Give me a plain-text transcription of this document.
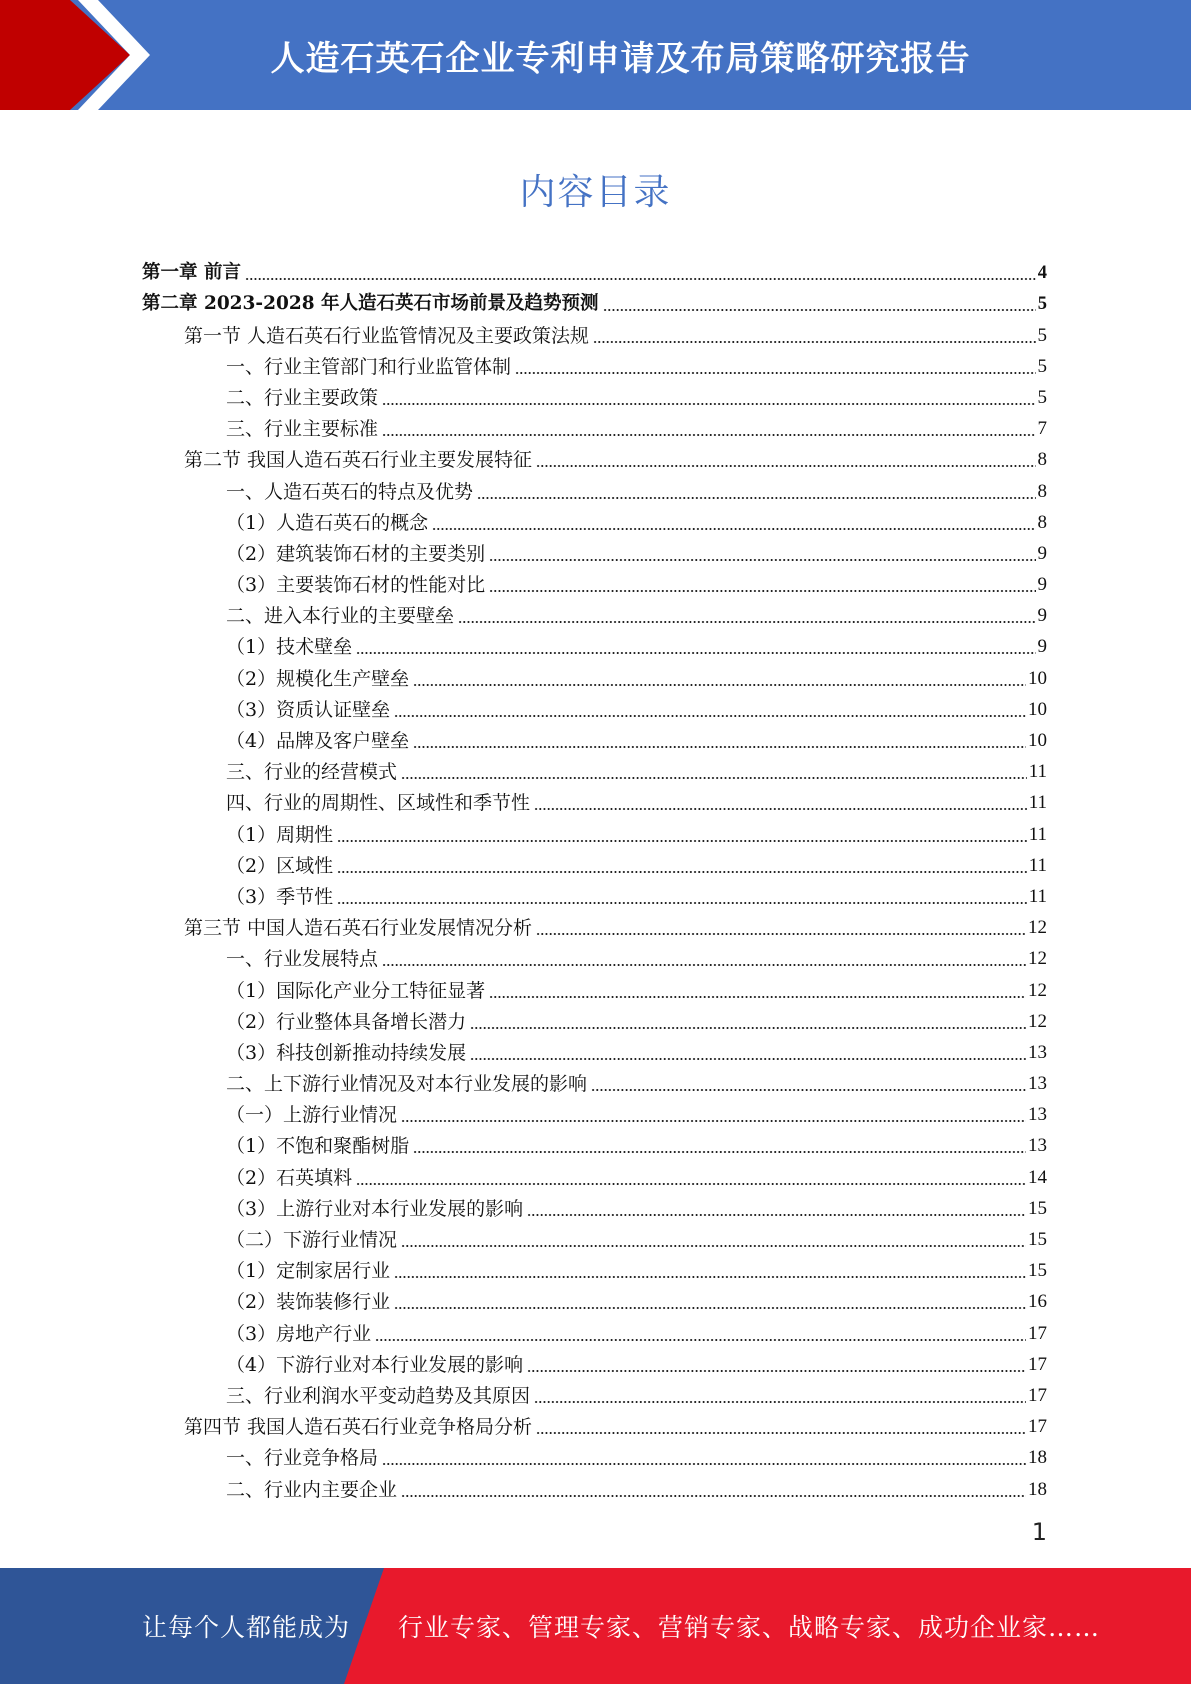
人造石英石企业专利申请及布局策略研究报告
内容目录
第一章 前言	4
第二章 2023-2028 年人造石英石市场前景及趋势预测	5
第一节 人造石英石行业监管情况及主要政策法规	5
一、行业主管部门和行业监管体制	5
二、行业主要政策	5
三、行业主要标准	7
第二节 我国人造石英石行业主要发展特征	8
一、人造石英石的特点及优势	8
（1）人造石英石的概念	8
（2）建筑装饰石材的主要类别	9
（3）主要装饰石材的性能对比	9
二、进入本行业的主要壁垒	9
（1）技术壁垒	9
（2）规模化生产壁垒	10
（3）资质认证壁垒	10
（4）品牌及客户壁垒	10
三、行业的经营模式	11
四、行业的周期性、区域性和季节性	11
（1）周期性	11
（2）区域性	11
（3）季节性	11
第三节 中国人造石英石行业发展情况分析	12
一、行业发展特点	12
（1）国际化产业分工特征显著	12
（2）行业整体具备增长潜力	12
（3）科技创新推动持续发展	13
二、上下游行业情况及对本行业发展的影响	13
（一）上游行业情况	13
（1）不饱和聚酯树脂	13
（2）石英填料	14
（3）上游行业对本行业发展的影响	15
（二）下游行业情况	15
（1）定制家居行业	15
（2）装饰装修行业	16
（3）房地产行业	17
（4）下游行业对本行业发展的影响	17
三、行业利润水平变动趋势及其原因	17
第四节 我国人造石英石行业竞争格局分析	17
一、行业竞争格局	18
二、行业内主要企业	18
1
让每个人都能成为 行业专家、管理专家、营销专家、战略专家、成功企业家……
